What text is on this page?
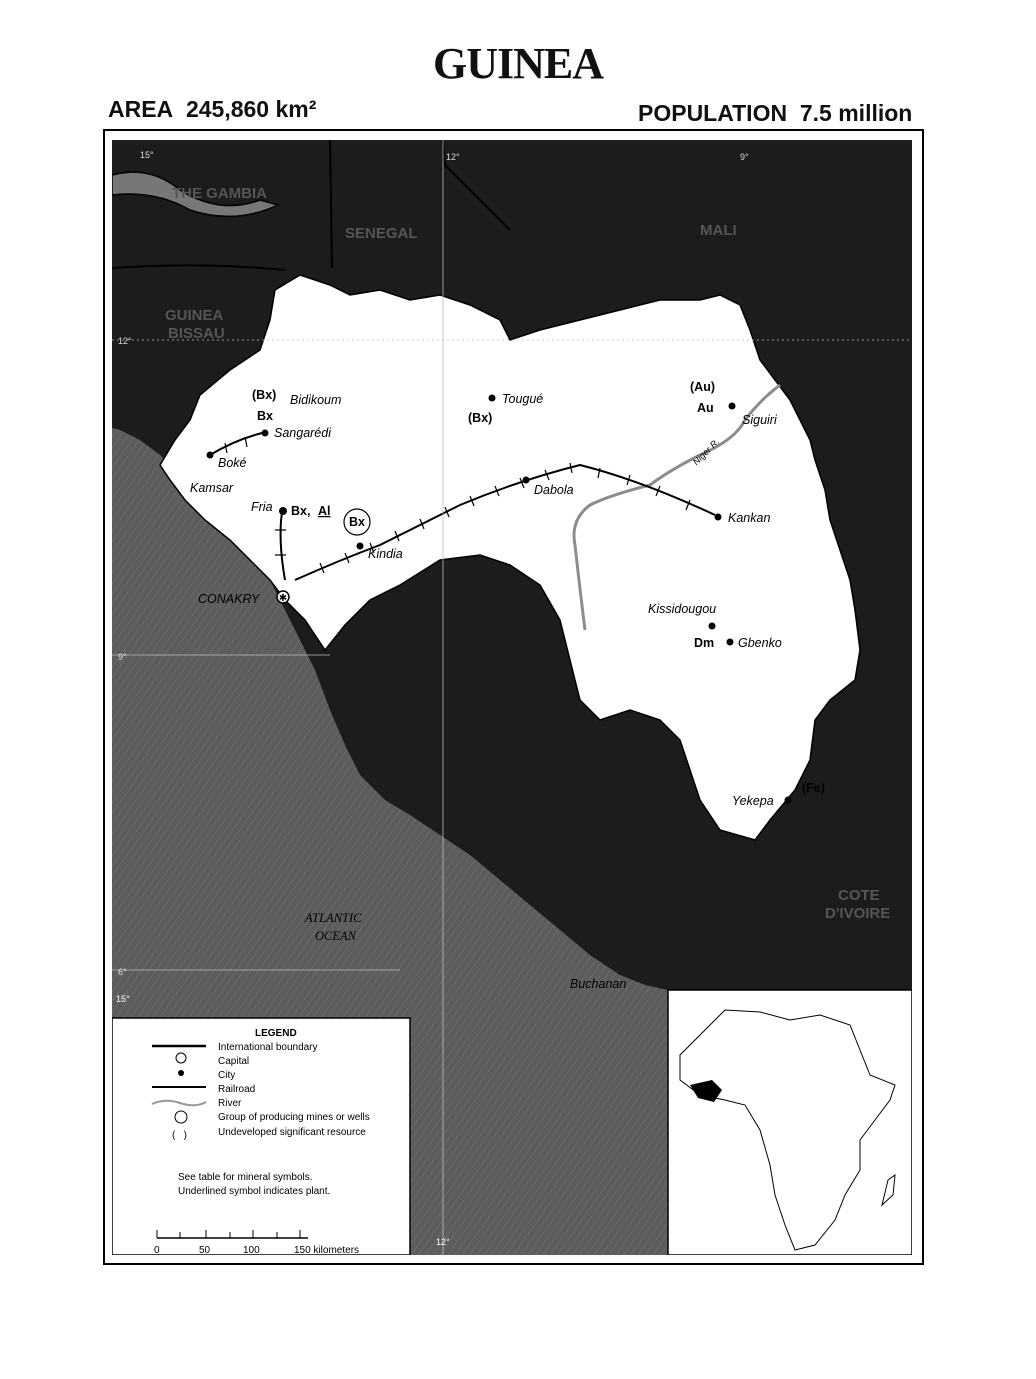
GUINEA
AREA 245,860 km²	POPULATION 7.5 million
THE GAMBIA
SENEGAL	MALI
GUINEA
BISSAU
COTE
D'IVOIRE
ATLANTIC
OCEAN
15°	12°	9°
12°
9°
6°
15°
12°
✱
Bidikoum
Sangarédi
Boké
Kamsar
Fria
Kindia
CONAKRY
Tougué
Dabola
Siguiri
Kankan
Kissidougou
Gbenko
Yekepa
Buchanan
Niger R.
(Bx)
Bx	(Bx)
(Au)
Au
Bx, Al
Bx
Dm
(Fe)
LEGEND
International boundary
Capital
City
Railroad
River
Group of producing mines or wells
(   )	Undeveloped significant resource
See table for mineral symbols.
Underlined symbol indicates plant.
0	50	100	150 kilometers
